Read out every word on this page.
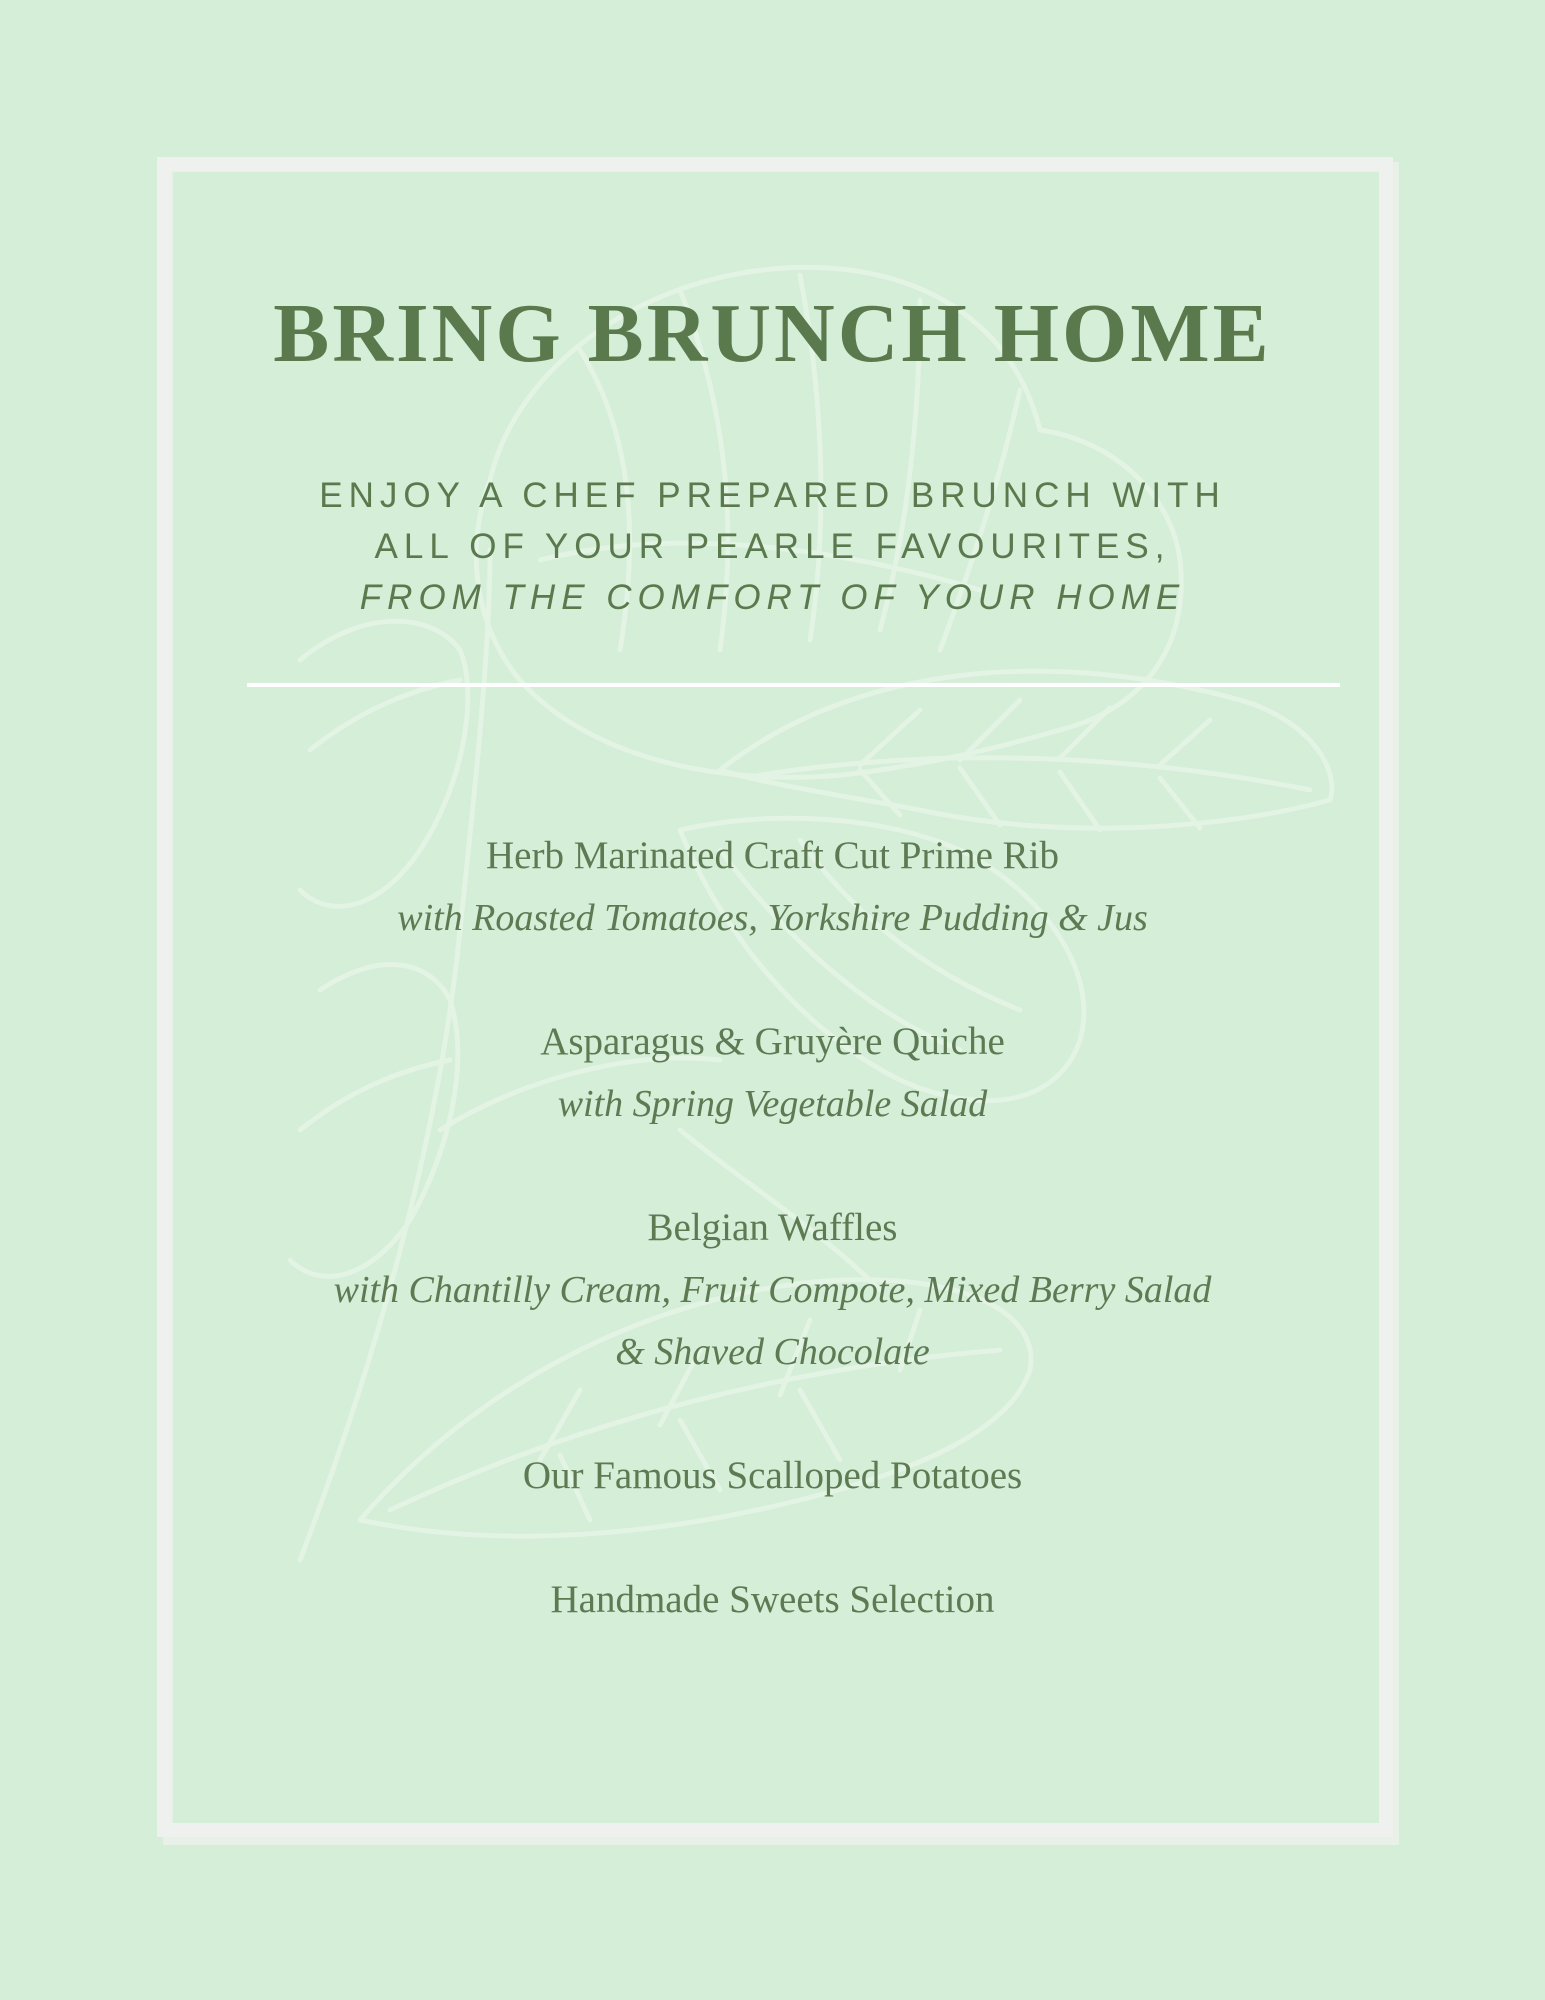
BRING BRUNCH HOME
ENJOY A CHEF PREPARED BRUNCH WITH
ALL OF YOUR PEARLE FAVOURITES,
FROM THE COMFORT OF YOUR HOME
Herb Marinated Craft Cut Prime Rib
with Roasted Tomatoes, Yorkshire Pudding & Jus
Asparagus & Gruyère Quiche
with Spring Vegetable Salad
Belgian Waffles
with Chantilly Cream, Fruit Compote, Mixed Berry Salad
& Shaved Chocolate
Our Famous Scalloped Potatoes
Handmade Sweets Selection
